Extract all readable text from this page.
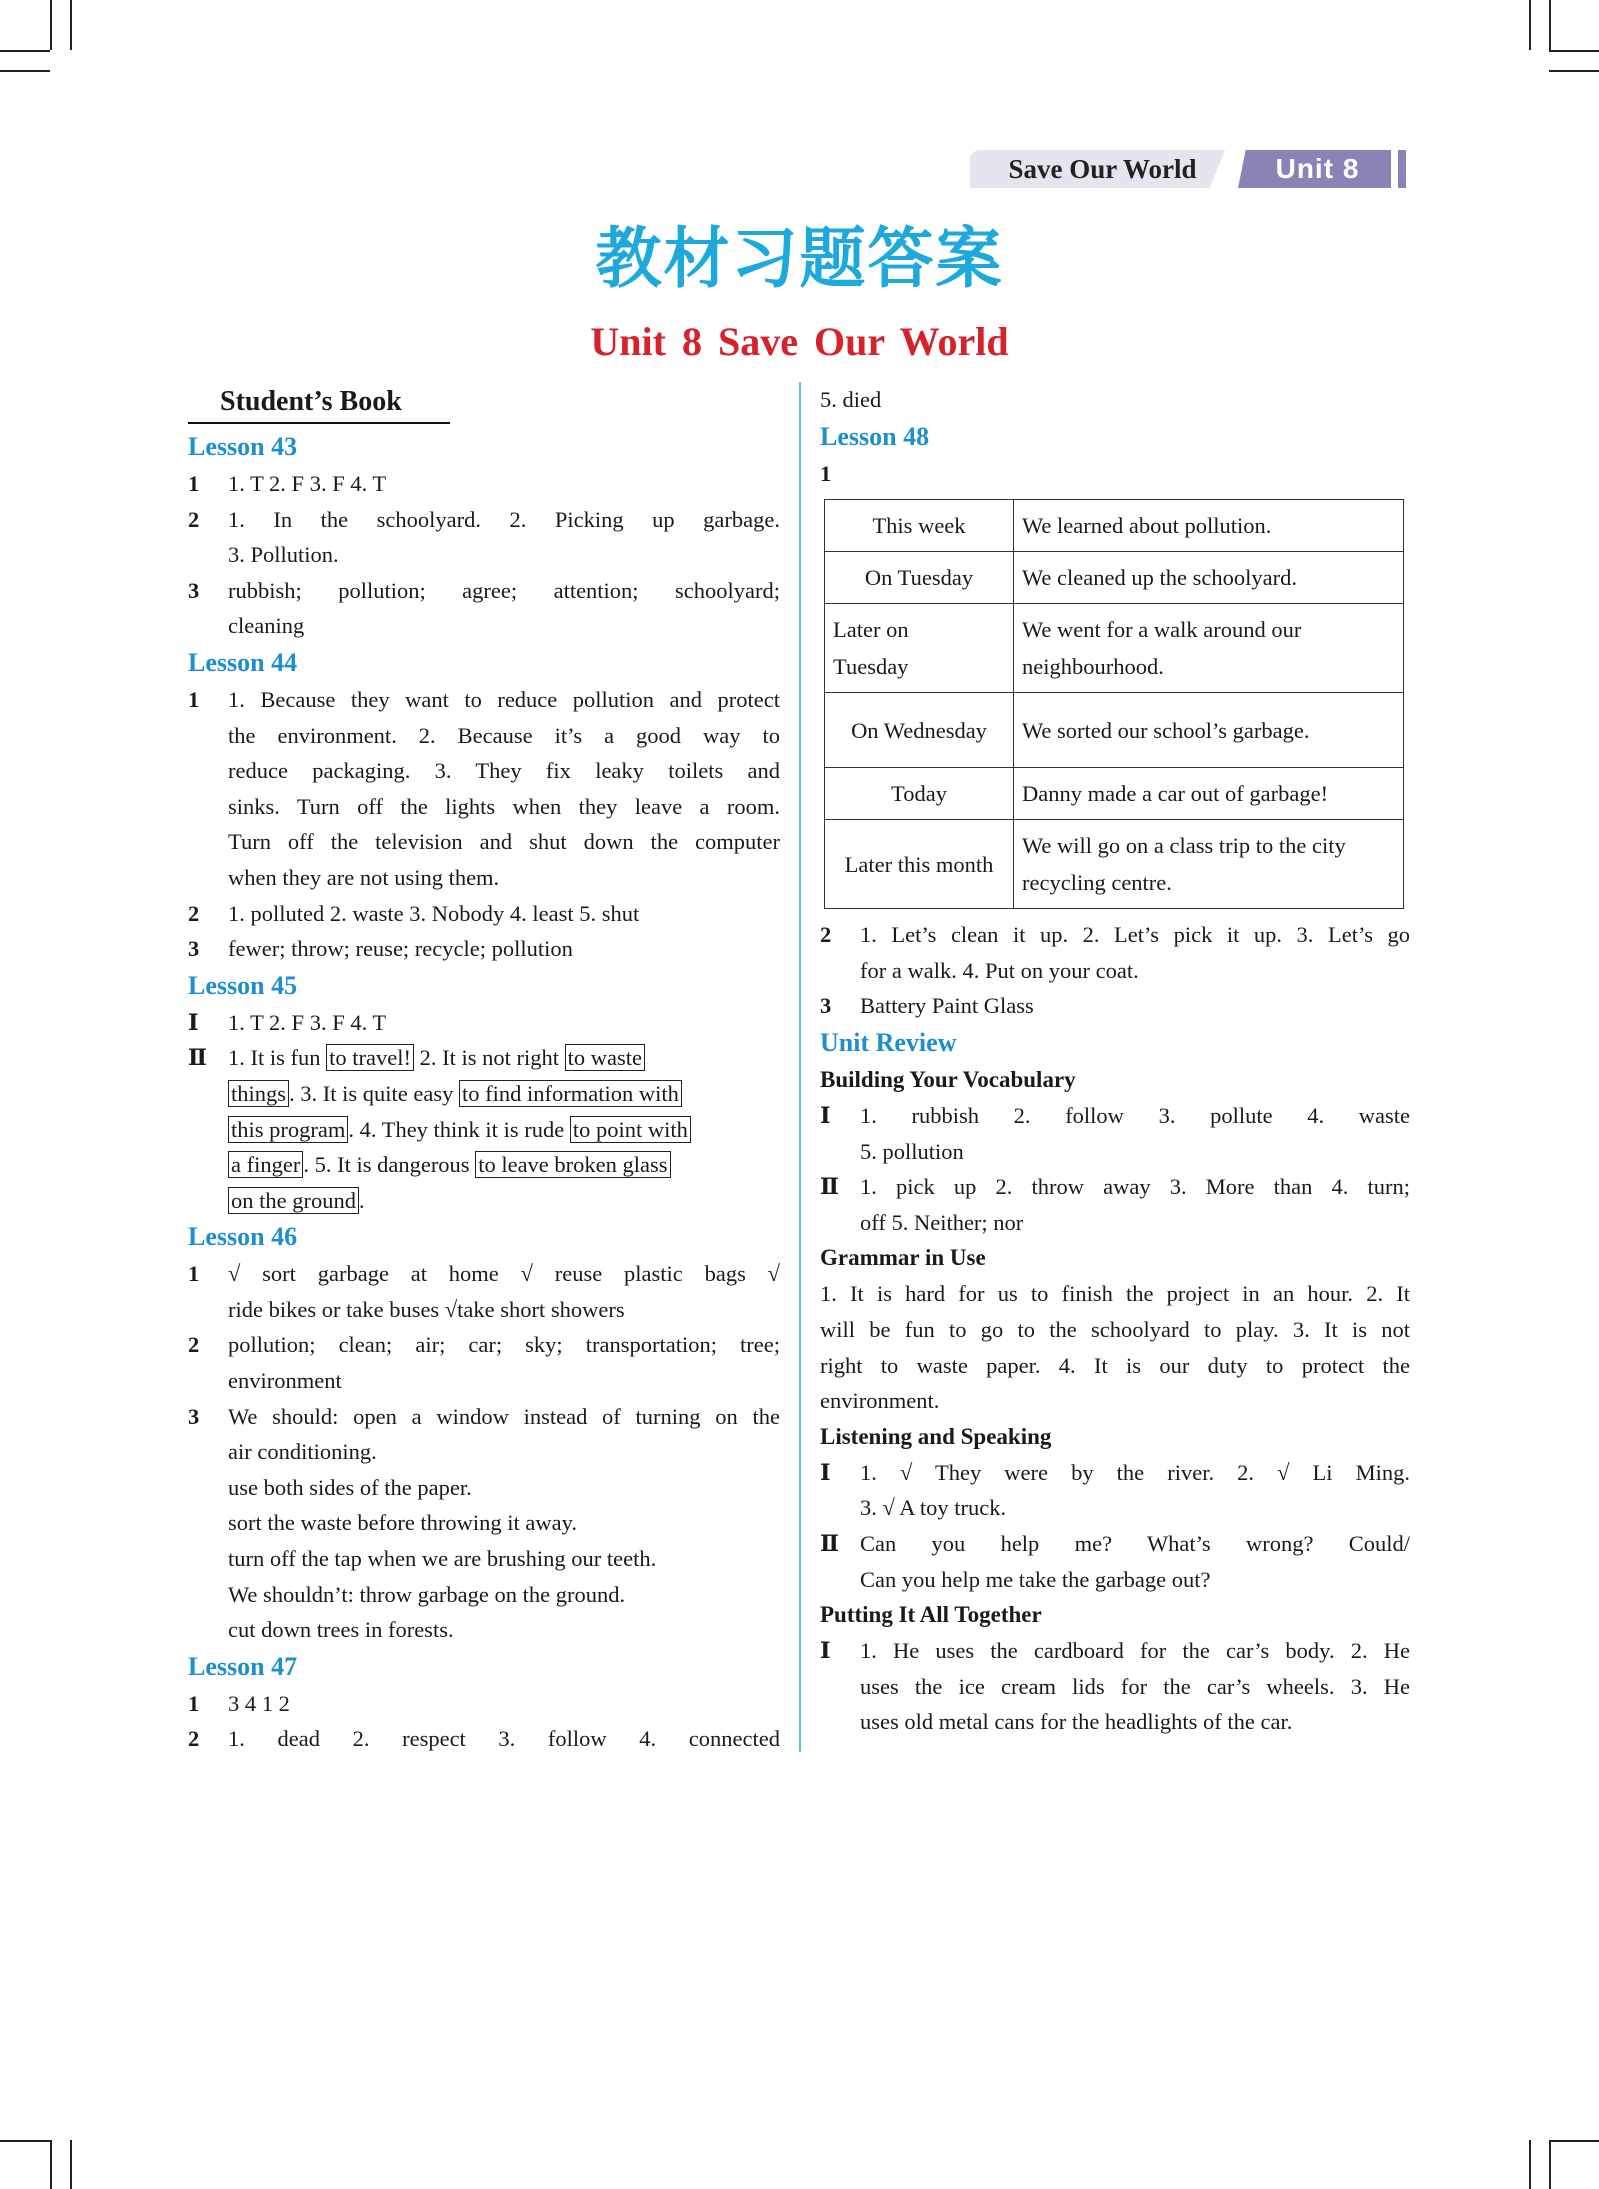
Save Our World	Unit 8
教材习题答案
Unit 8 Save Our World
Student’s Book
Lesson 43
1 1. T 2. F 3. F 4. T
2 1. In the schoolyard. 2. Picking up garbage.
3. Pollution.
3 rubbish; pollution; agree; attention; schoolyard;
cleaning
Lesson 44
1 1. Because they want to reduce pollution and protect
the environment. 2. Because it’s a good way to
reduce packaging. 3. They fix leaky toilets and
sinks. Turn off the lights when they leave a room.
Turn off the television and shut down the computer
when they are not using them.
2 1. polluted 2. waste 3. Nobody 4. least 5. shut
3 fewer; throw; reuse; recycle; pollution
Lesson 45
Ⅰ 1. T 2. F 3. F 4. T
Ⅱ 1. It is fun to travel! 2. It is not right to waste
things . 3. It is quite easy to find information with
this program . 4. They think it is rude to point with
a finger . 5. It is dangerous to leave broken glass
on the ground .
Lesson 46
1 √ sort garbage at home √ reuse plastic bags √
ride bikes or take buses √take short showers
2 pollution; clean; air; car; sky; transportation; tree;
environment
3 We should: open a window instead of turning on the
air conditioning.
use both sides of the paper.
sort the waste before throwing it away.
turn off the tap when we are brushing our teeth.
We shouldn’t: throw garbage on the ground.
cut down trees in forests.
Lesson 47
1 3 4 1 2
2 1. dead 2. respect 3. follow 4. connected
5. died
Lesson 48
1
This week	We learned about pollution.
On Tuesday	We cleaned up the schoolyard.
Later on
Tuesday	We went for a walk around our
neighbourhood.
On Wednesday	We sorted our school’s garbage.
Today	Danny made a car out of garbage!
Later this month	We will go on a class trip to the city
recycling centre.
2 1. Let’s clean it up. 2. Let’s pick it up. 3. Let’s go
for a walk. 4. Put on your coat.
3 Battery Paint Glass
Unit Review
Building Your Vocabulary
Ⅰ 1. rubbish 2. follow 3. pollute 4. waste
5. pollution
Ⅱ 1. pick up 2. throw away 3. More than 4. turn;
off 5. Neither; nor
Grammar in Use
1. It is hard for us to finish the project in an hour. 2. It
will be fun to go to the schoolyard to play. 3. It is not
right to waste paper. 4. It is our duty to protect the
environment.
Listening and Speaking
Ⅰ 1. √ They were by the river. 2. √ Li Ming.
3. √ A toy truck.
Ⅱ Can you help me? What’s wrong? Could/
Can you help me take the garbage out?
Putting It All Together
Ⅰ 1. He uses the cardboard for the car’s body. 2. He
uses the ice cream lids for the car’s wheels. 3. He
uses old metal cans for the headlights of the car.
